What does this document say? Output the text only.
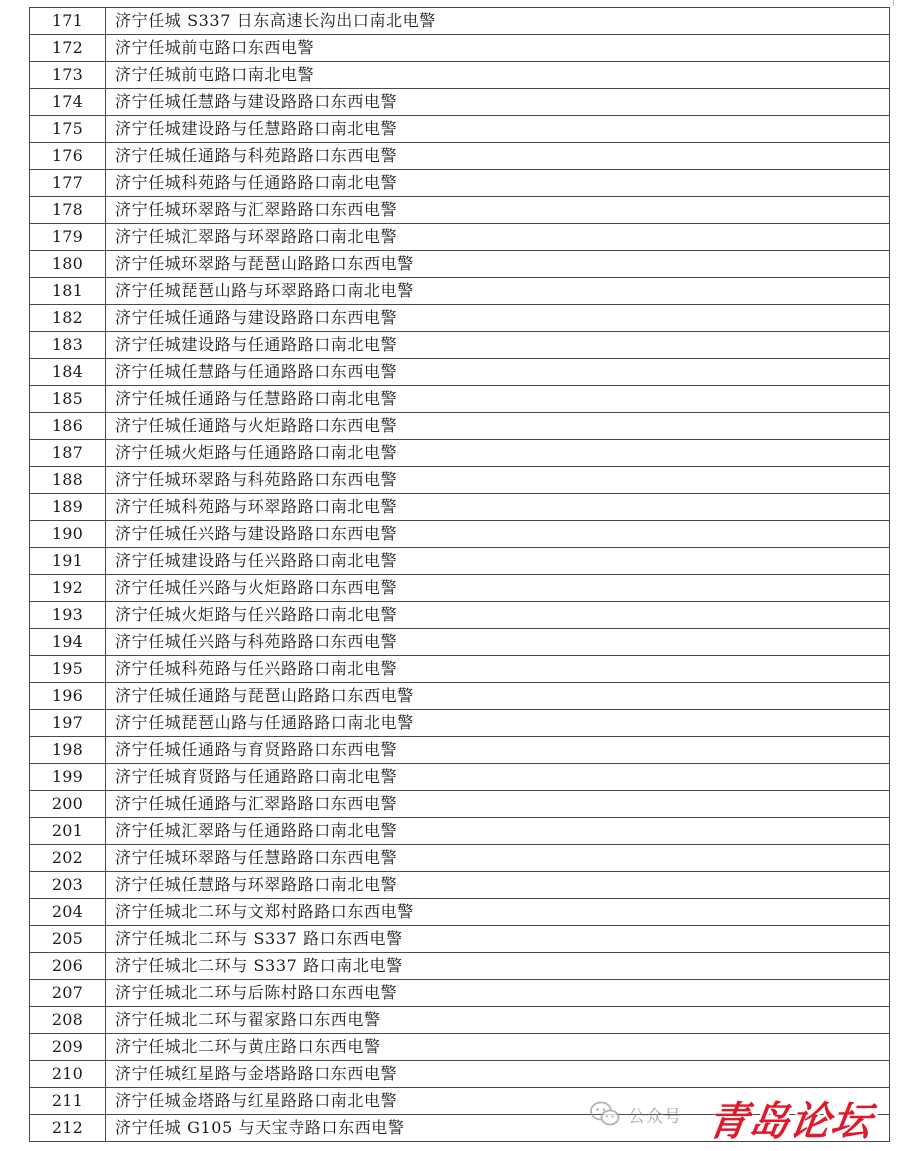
171	济宁任城 S337 日东高速长沟出口南北电警
172	济宁任城前屯路口东西电警
173	济宁任城前屯路口南北电警
174	济宁任城任慧路与建设路路口东西电警
175	济宁任城建设路与任慧路路口南北电警
176	济宁任城任通路与科苑路路口东西电警
177	济宁任城科苑路与任通路路口南北电警
178	济宁任城环翠路与汇翠路路口东西电警
179	济宁任城汇翠路与环翠路路口南北电警
180	济宁任城环翠路与琵琶山路路口东西电警
181	济宁任城琵琶山路与环翠路路口南北电警
182	济宁任城任通路与建设路路口东西电警
183	济宁任城建设路与任通路路口南北电警
184	济宁任城任慧路与任通路路口东西电警
185	济宁任城任通路与任慧路路口南北电警
186	济宁任城任通路与火炬路路口东西电警
187	济宁任城火炬路与任通路路口南北电警
188	济宁任城环翠路与科苑路路口东西电警
189	济宁任城科苑路与环翠路路口南北电警
190	济宁任城任兴路与建设路路口东西电警
191	济宁任城建设路与任兴路路口南北电警
192	济宁任城任兴路与火炬路路口东西电警
193	济宁任城火炬路与任兴路路口南北电警
194	济宁任城任兴路与科苑路路口东西电警
195	济宁任城科苑路与任兴路路口南北电警
196	济宁任城任通路与琵琶山路路口东西电警
197	济宁任城琵琶山路与任通路路口南北电警
198	济宁任城任通路与育贤路路口东西电警
199	济宁任城育贤路与任通路路口南北电警
200	济宁任城任通路与汇翠路路口东西电警
201	济宁任城汇翠路与任通路路口南北电警
202	济宁任城环翠路与任慧路路口东西电警
203	济宁任城任慧路与环翠路路口南北电警
204	济宁任城北二环与文郑村路路口东西电警
205	济宁任城北二环与 S337 路口东西电警
206	济宁任城北二环与 S337 路口南北电警
207	济宁任城北二环与后陈村路口东西电警
208	济宁任城北二环与翟家路口东西电警
209	济宁任城北二环与黄庄路口东西电警
210	济宁任城红星路与金塔路路口东西电警
211	济宁任城金塔路与红星路路口南北电警
212	济宁任城 G105 与天宝寺路口东西电警
公众号 青岛论坛
